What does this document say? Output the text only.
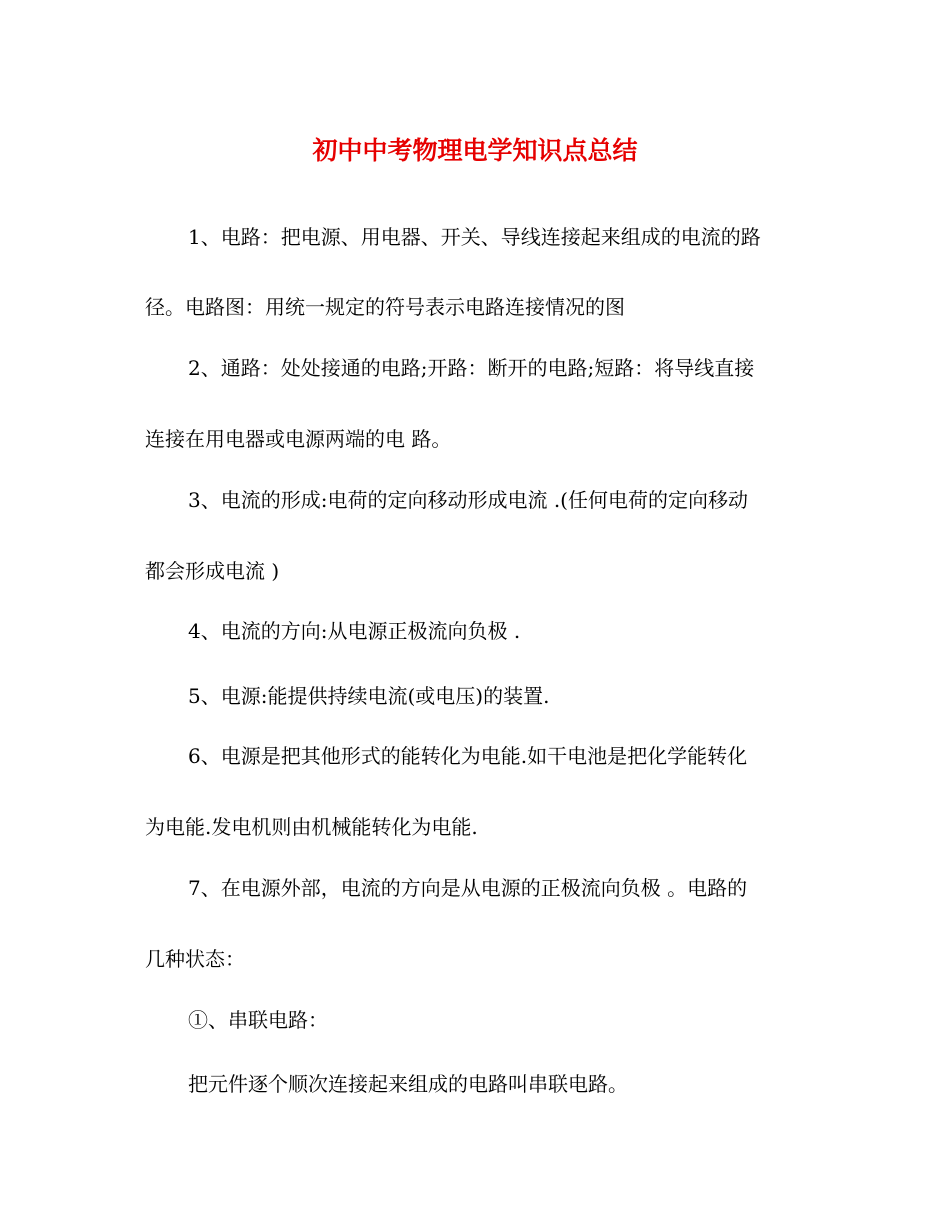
初中中考物理电学知识点总结

1、电路：把电源、用电器、开关、导线连接起来组成的电流的路

径。电路图：用统一规定的符号表示电路连接情况的图

2、通路：处处接通的电路;开路：断开的电路;短路：将导线直接

连接在用电器或电源两端的电 路。

3、电流的形成:电荷的定向移动形成电流 .(任何电荷的定向移动

都会形成电流 )

4、电流的方向:从电源正极流向负极 .

5、电源:能提供持续电流(或电压)的装置.

6、电源是把其他形式的能转化为电能.如干电池是把化学能转化

为电能.发电机则由机械能转化为电能.

7、在电源外部，电流的方向是从电源的正极流向负极 。电路的

几种状态：

①、串联电路：

把元件逐个顺次连接起来组成的电路叫串联电路。
